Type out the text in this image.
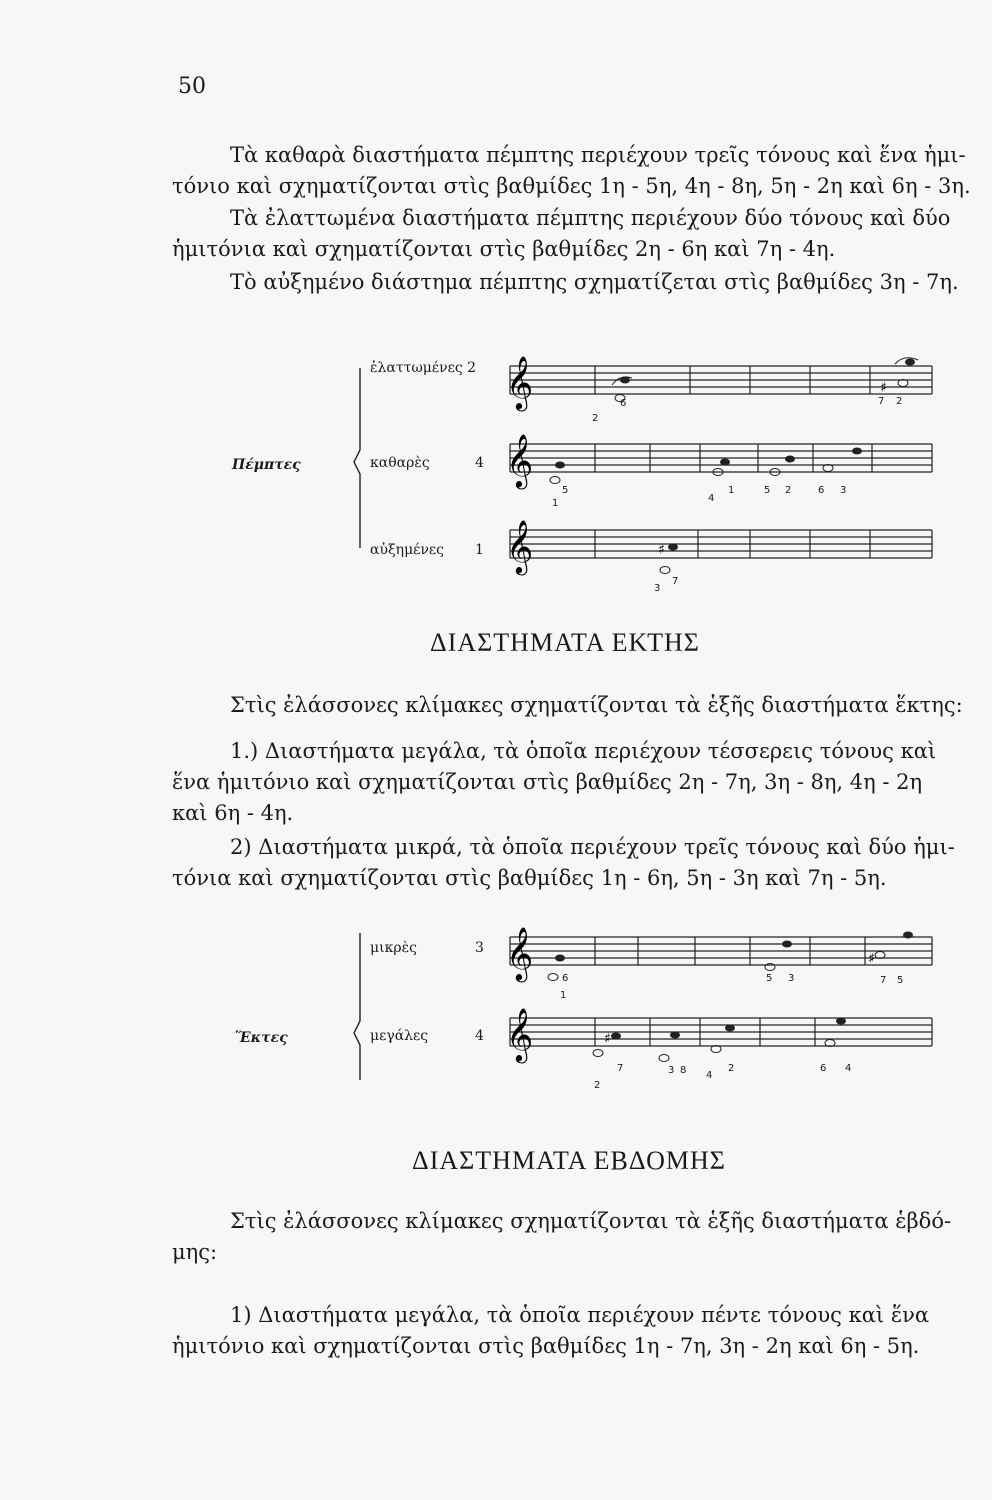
50
Τὰ καθαρὰ διαστήματα πέμπτης περιέχουν τρεῖς τόνους καὶ ἕνα ἡμι-
τόνιο καὶ σχηματίζονται στὶς βαθμίδες 1η - 5η, 4η - 8η, 5η - 2η καὶ 6η - 3η.
Τὰ ἐλαττωμένα διαστήματα πέμπτης περιέχουν δύο τόνους καὶ δύο
ἡμιτόνια καὶ σχηματίζονται στὶς βαθμίδες 2η - 6η καὶ 7η - 4η.
Τὸ αὐξημένο διάστημα πέμπτης σχηματίζεται στὶς βαθμίδες 3η - 7η.
𝄞	♯
𝄞
𝄞	♯
ἐλαττωμένες 2
καθαρὲς	4
αὐξημένες 1
Πέμπτες
2
6	7 2
1
5
4
1	5 2	6 3
3
7
ΔΙΑΣΤΗΜΑΤΑ ΕΚΤΗΣ
Στὶς ἐλάσσονες κλίμακες σχηματίζονται τὰ ἑξῆς διαστήματα ἕκτης:
1.) Διαστήματα μεγάλα, τὰ ὁποῖα περιέχουν τέσσερεις τόνους καὶ
ἕνα ἡμιτόνιο καὶ σχηματίζονται στὶς βαθμίδες 2η - 7η, 3η - 8η, 4η - 2η
καὶ 6η - 4η.
2) Διαστήματα μικρά, τὰ ὁποῖα περιέχουν τρεῖς τόνους καὶ δύο ἡμι-
τόνια καὶ σχηματίζονται στὶς βαθμίδες 1η - 6η, 5η - 3η καὶ 7η - 5η.
𝄞	♯
𝄞	♯
μικρὲς	3
μεγάλες	4
Ἕκτες
1
6	5 3	7 5
2
7	3 8 4
2	6 4
ΔΙΑΣΤΗΜΑΤΑ ΕΒΔΟΜΗΣ
Στὶς ἐλάσσονες κλίμακες σχηματίζονται τὰ ἑξῆς διαστήματα ἑβδό-
μης:
1) Διαστήματα μεγάλα, τὰ ὁποῖα περιέχουν πέντε τόνους καὶ ἕνα
ἡμιτόνιο καὶ σχηματίζονται στὶς βαθμίδες 1η - 7η, 3η - 2η καὶ 6η - 5η.
